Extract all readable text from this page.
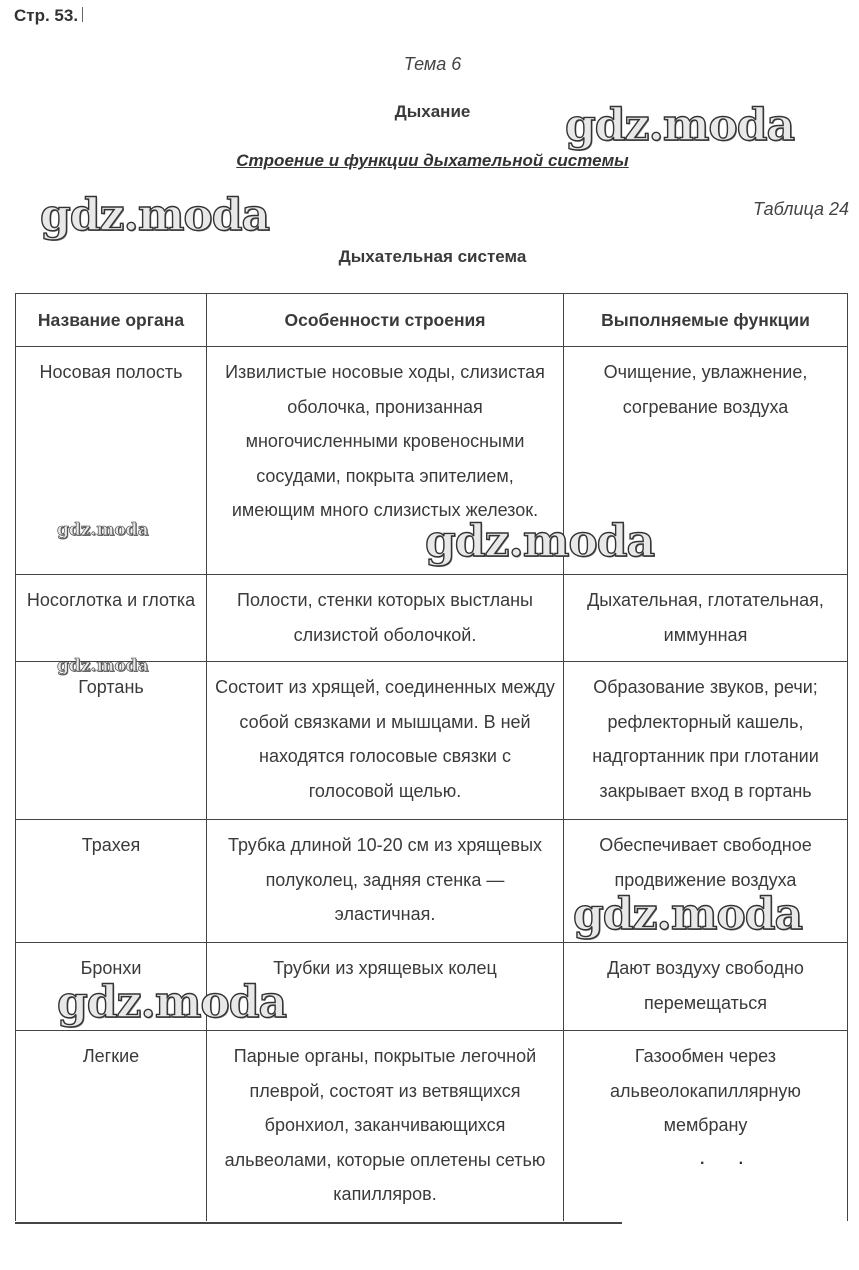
Стр. 53.
Тема 6
Дыхание
Строение и функции дыхательной системы
Таблица 24
Дыхательная система
Название органа	Особенности строения	Выполняемые функции
Носовая полость	Извилистые носовые ходы, слизистая оболочка, пронизанная многочисленными кровеносными сосудами, покрыта эпителием, имеющим много слизистых железок.	Очищение, увлажнение, согревание воздуха
Носоглотка и глотка	Полости, стенки которых выстланы слизистой оболочкой.	Дыхательная, глотательная, иммунная
Гортань	Состоит из хрящей, соединенных между собой связками и мышцами. В ней находятся голосовые связки с голосовой щелью.	Образование звуков, речи; рефлекторный кашель, надгортанник при глотании закрывает вход в гортань
Трахея	Трубка длиной 10-20 см из хрящевых полуколец, задняя стенка — эластичная.	Обеспечивает свободное продвижение воздуха
Бронхи	Трубки из хрящевых колец	Дают воздуху свободно перемещаться
Легкие	Парные органы, покрытые легочной плеврой, состоят из ветвящихся бронхиол, заканчивающихся альвеолами, которые оплетены сетью капилляров.	Газообмен через альвеолокапиллярную мембрану
· ·
gdz.moda
gdz.moda
gdz.moda	gdz.moda
gdz.moda
gdz.moda
gdz.moda
